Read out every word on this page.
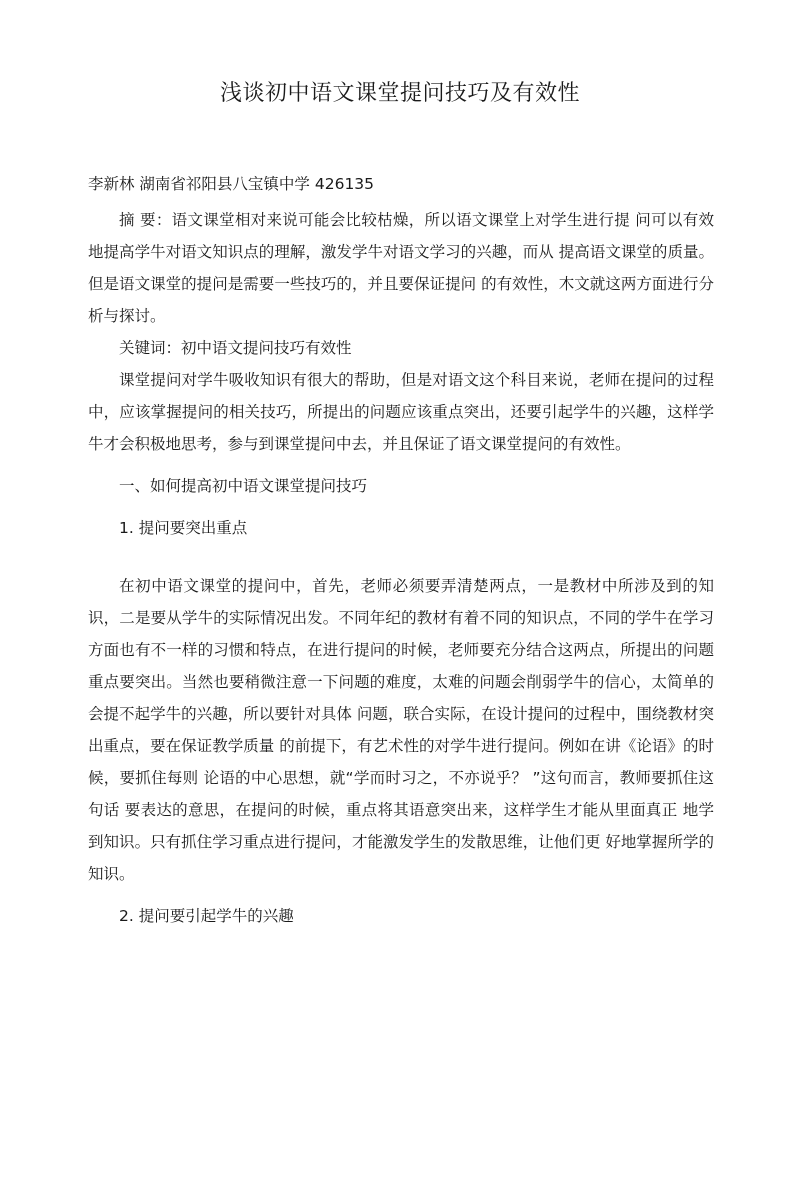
浅谈初中语文课堂提问技巧及有效性

李新林 湖南省祁阳县八宝镇中学 426135

摘 要：语文课堂相对来说可能会比较枯燥，所以语文课堂上对学生进行提 问可以有效地提高学牛对语文知识点的理解，激发学牛对语文学习的兴趣，而从 提高语文课堂的质量。但是语文课堂的提问是需要一些技巧的，并且要保证提问 的有效性，木文就这两方面进行分析与探讨。

关键词：初中语文提问技巧有效性

课堂提问对学牛吸收知识有很大的帮助，但是对语文这个科目来说，老师在提问的过程中，应该掌握提问的相关技巧，所提出的问题应该重点突出，还要引起学牛的兴趣，这样学牛才会积极地思考，参与到课堂提问中去，并且保证了语文课堂提问的有效性。

一、如何提高初中语文课堂提问技巧

1. 提问要突出重点

在初中语文课堂的提问中，首先，老师必须要弄清楚两点，一是教材中所涉及到的知识，二是要从学牛的实际情况出发。不同年纪的教材有着不同的知识点，不同的学牛在学习方面也有不一样的习惯和特点，在进行提问的时候，老师要充分结合这两点，所提出的问题重点要突出。当然也要稍微注意一下问题的难度，太难的问题会削弱学牛的信心，太简单的会提不起学牛的兴趣，所以要针对具体 问题，联合实际，在设计提问的过程中，围绕教材突出重点，要在保证教学质量 的前提下，有艺术性的对学牛进行提问。例如在讲《论语》的时候，要抓住每则 论语的中心思想，就“学而时习之，不亦说乎？ ”这句而言，教师要抓住这句话 要表达的意思，在提问的时候，重点将其语意突出来，这样学生才能从里面真正 地学到知识。只有抓住学习重点进行提问，才能激发学生的发散思维，让他们更 好地掌握所学的知识。

2. 提问要引起学牛的兴趣
